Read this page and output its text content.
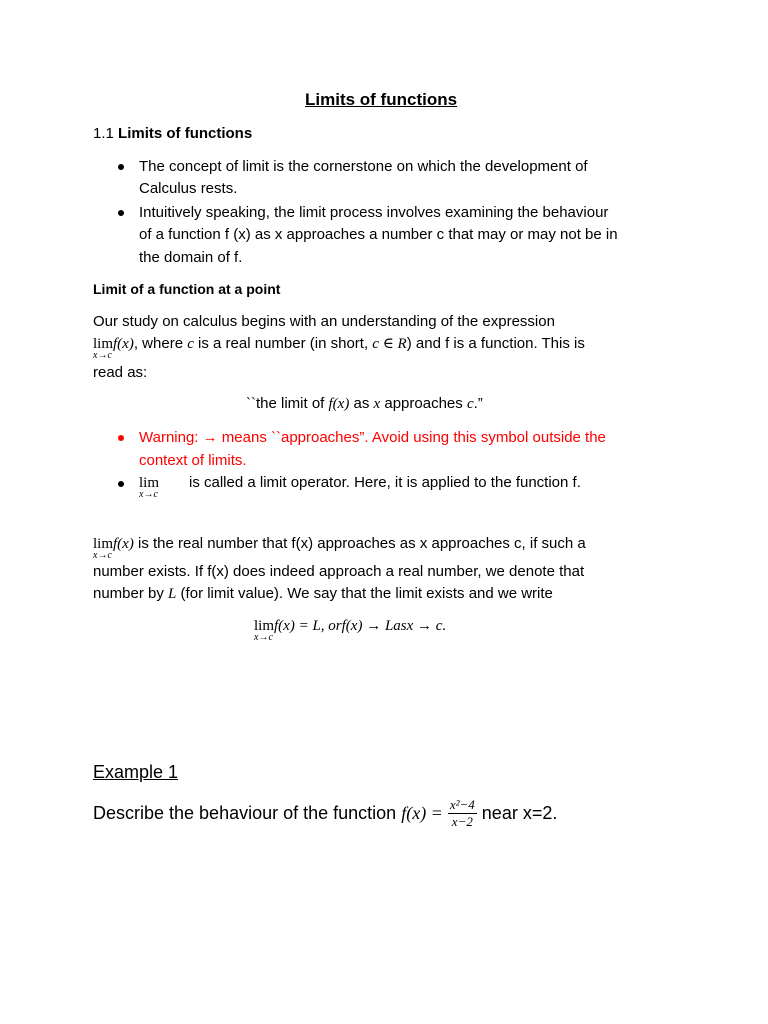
Limits of functions
1.1 Limits of functions
The concept of limit is the cornerstone on which the development of
Calculus rests.
Intuitively speaking, the limit process involves examining the behaviour
of a function f (x) as x approaches a number c that may or may not be in
the domain of f.
Limit of a function at a point
Our study on calculus begins with an understanding of the expression
lim
x→c
f(x), where c is a real number (in short, c ∈ R) and f is a function. This is
read as:
``the limit of f(x) as x approaches c.”
Warning: → means ``approaches”. Avoid using this symbol outside the
context of limits.
lim
x→c
is called a limit operator. Here, it is applied to the function f.
lim
x→c
f(x) is the real number that f(x) approaches as x approaches c, if such a
number exists. If f(x) does indeed approach a real number, we denote that
number by L (for limit value). We say that the limit exists and we write
lim
x→c
f(x) = L, orf(x) → Lasx → c.
Example 1
Describe the behaviour of the function $f(x) = \frac{\text{x²−4}}{x-2}$ near x=2.
